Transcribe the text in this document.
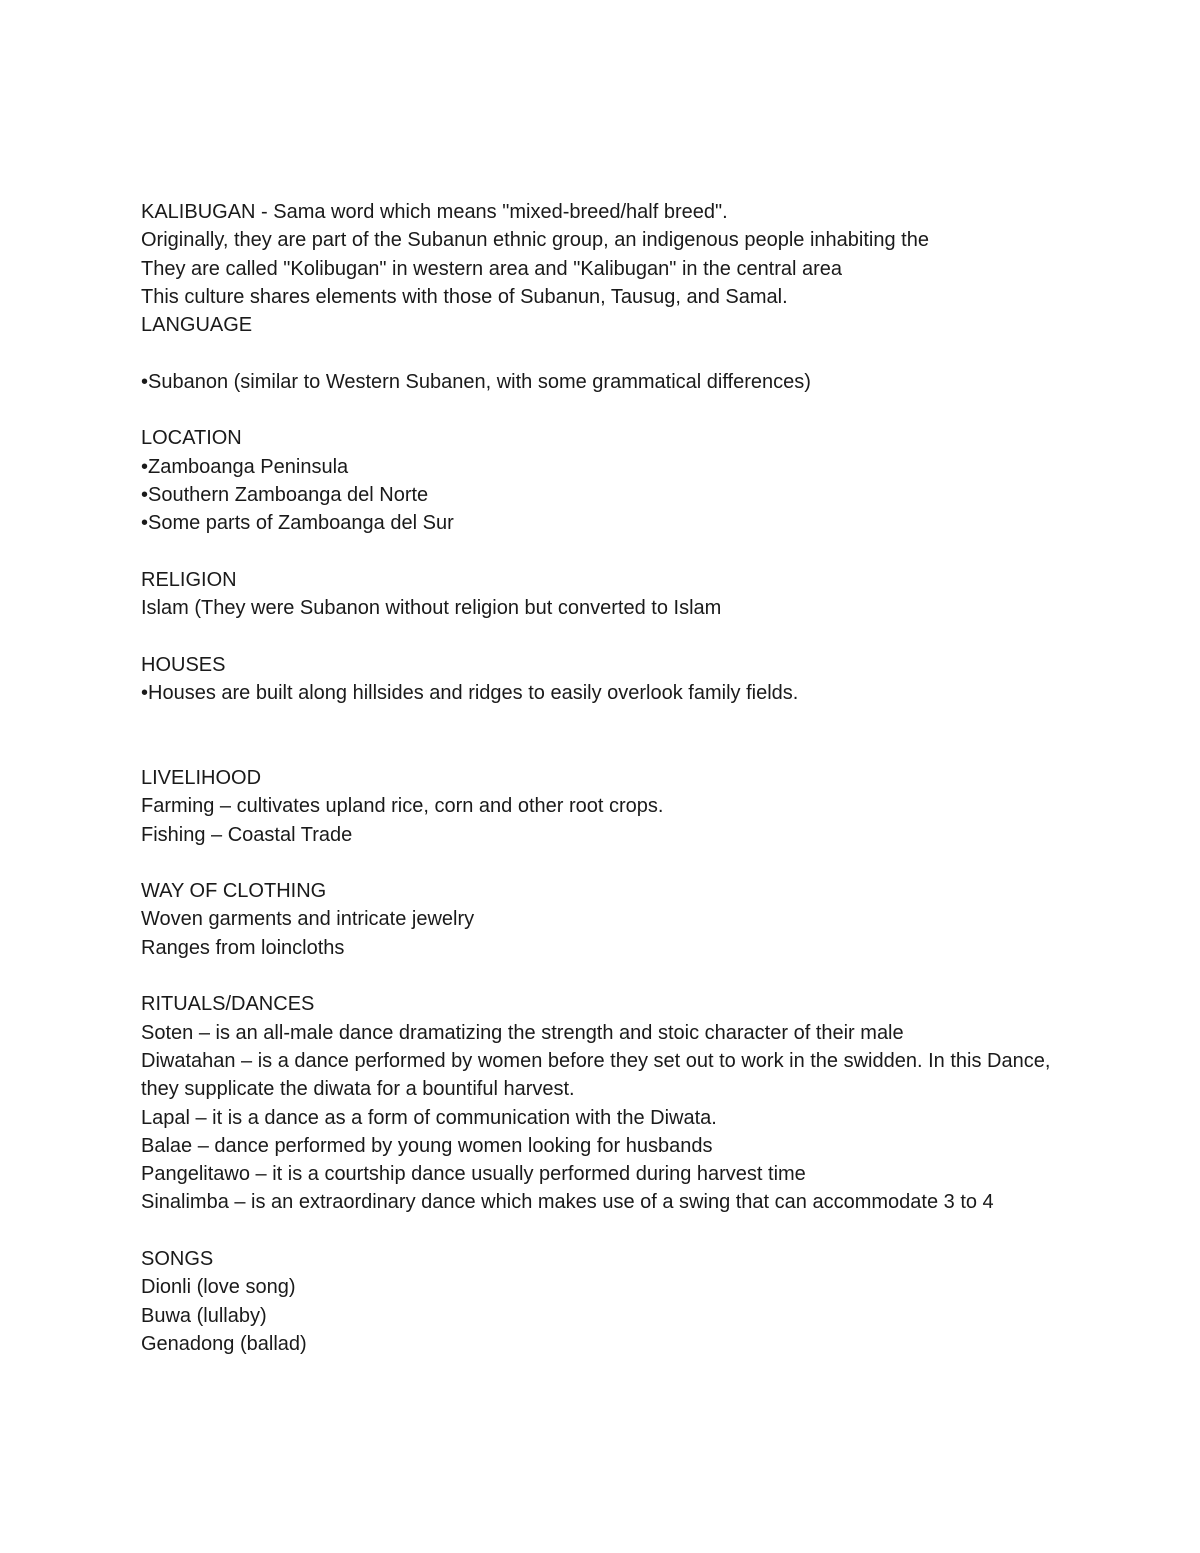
KALIBUGAN - Sama word which means "mixed-breed/half breed".
Originally, they are part of the Subanun ethnic group, an indigenous people inhabiting the
They are called "Kolibugan" in western area and "Kalibugan" in the central area
This culture shares elements with those of Subanun, Tausug, and Samal.
LANGUAGE
•Subanon (similar to Western Subanen, with some grammatical differences)
LOCATION
•Zamboanga Peninsula
•Southern Zamboanga del Norte
•Some parts of Zamboanga del Sur
RELIGION
Islam (They were Subanon without religion but converted to Islam
HOUSES
•Houses are built along hillsides and ridges to easily overlook family fields.
LIVELIHOOD
Farming – cultivates upland rice, corn and other root crops.
Fishing – Coastal Trade
WAY OF CLOTHING
Woven garments and intricate jewelry
Ranges from loincloths
RITUALS/DANCES
Soten – is an all-male dance dramatizing the strength and stoic character of their male
Diwatahan – is a dance performed by women before they set out to work in the swidden. In this Dance, they supplicate the diwata for a bountiful harvest.
Lapal – it is a dance as a form of communication with the Diwata.
Balae – dance performed by young women looking for husbands
Pangelitawo – it is a courtship dance usually performed during harvest time
Sinalimba – is an extraordinary dance which makes use of a swing that can accommodate 3 to 4
SONGS
Dionli (love song)
Buwa (lullaby)
Genadong (ballad)
